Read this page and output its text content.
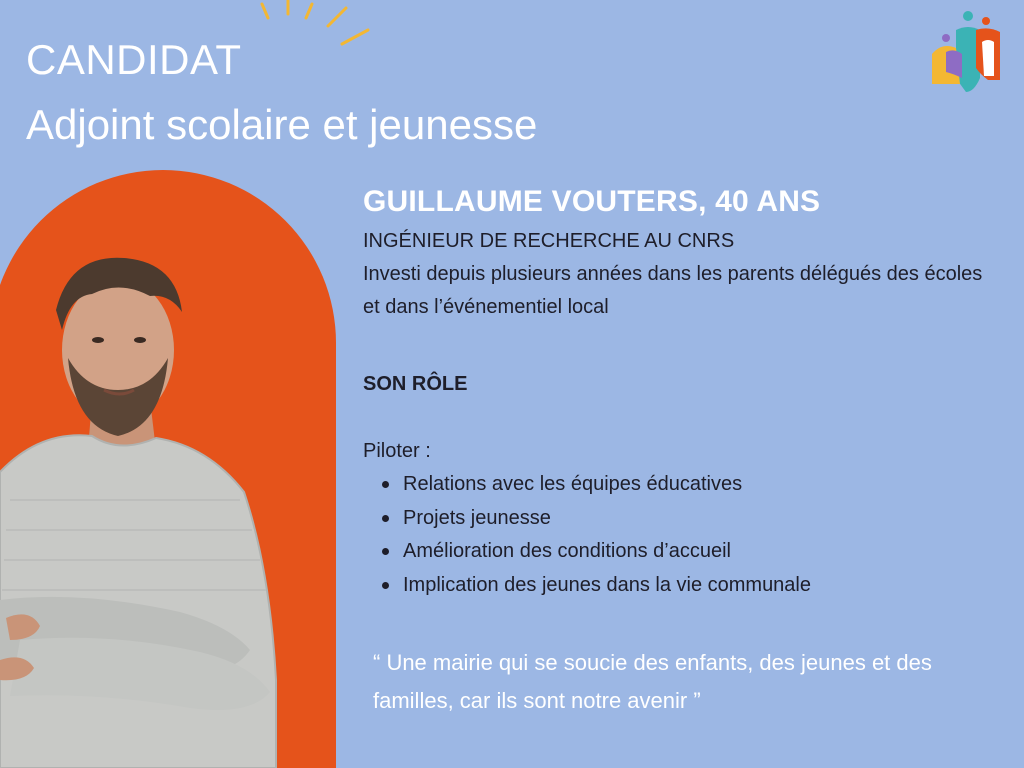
CANDIDAT

Adjoint scolaire et jeunesse

GUILLAUME VOUTERS, 40 ANS

INGÉNIEUR DE RECHERCHE AU CNRS

Investi depuis plusieurs années dans les parents délégués des écoles et dans l’événementiel local

SON RÔLE

Piloter :

Relations avec les équipes éducatives
Projets jeunesse
Amélioration des conditions d’accueil
Implication des jeunes dans la vie communale

“ Une mairie qui se soucie des enfants, des jeunes et des familles, car ils sont notre avenir ”
